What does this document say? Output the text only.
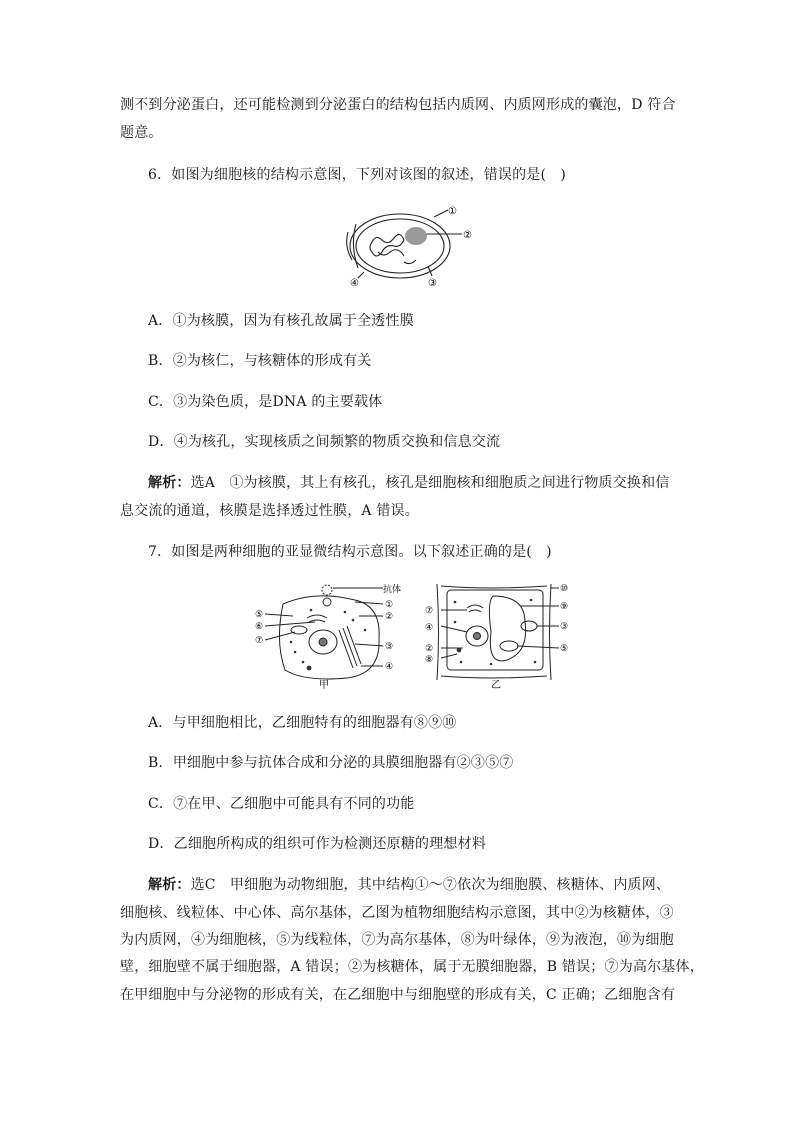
测不到分泌蛋白，还可能检测到分泌蛋白的结构包括内质网、内质网形成的囊泡，D 符合
题意。
6．如图为细胞核的结构示意图，下列对该图的叙述，错误的是(　)
①
②
③
④
A．①为核膜，因为有核孔故属于全透性膜
B．②为核仁，与核糖体的形成有关
C．③为染色质，是DNA 的主要载体
D．④为核孔，实现核质之间频繁的物质交换和信息交流
解析：选A　①为核膜，其上有核孔，核孔是细胞核和细胞质之间进行物质交换和信
息交流的通道，核膜是选择透过性膜，A 错误。
7．如图是两种细胞的亚显微结构示意图。以下叙述正确的是(　)
抗体
⑤
⑥
⑦
①
②
③
④
甲
⑩
⑦
④
②
⑧
⑨
③
⑤
乙
A．与甲细胞相比，乙细胞特有的细胞器有⑧⑨⑩
B．甲细胞中参与抗体合成和分泌的具膜细胞器有②③⑤⑦
C．⑦在甲、乙细胞中可能具有不同的功能
D．乙细胞所构成的组织可作为检测还原糖的理想材料
解析：选C　甲细胞为动物细胞，其中结构①～⑦依次为细胞膜、核糖体、内质网、
细胞核、线粒体、中心体、高尔基体，乙图为植物细胞结构示意图，其中②为核糖体，③
为内质网，④为细胞核，⑤为线粒体，⑦为高尔基体，⑧为叶绿体，⑨为液泡，⑩为细胞
壁，细胞壁不属于细胞器，A 错误；②为核糖体，属于无膜细胞器，B 错误；⑦为高尔基体，
在甲细胞中与分泌物的形成有关，在乙细胞中与细胞壁的形成有关，C 正确；乙细胞含有
